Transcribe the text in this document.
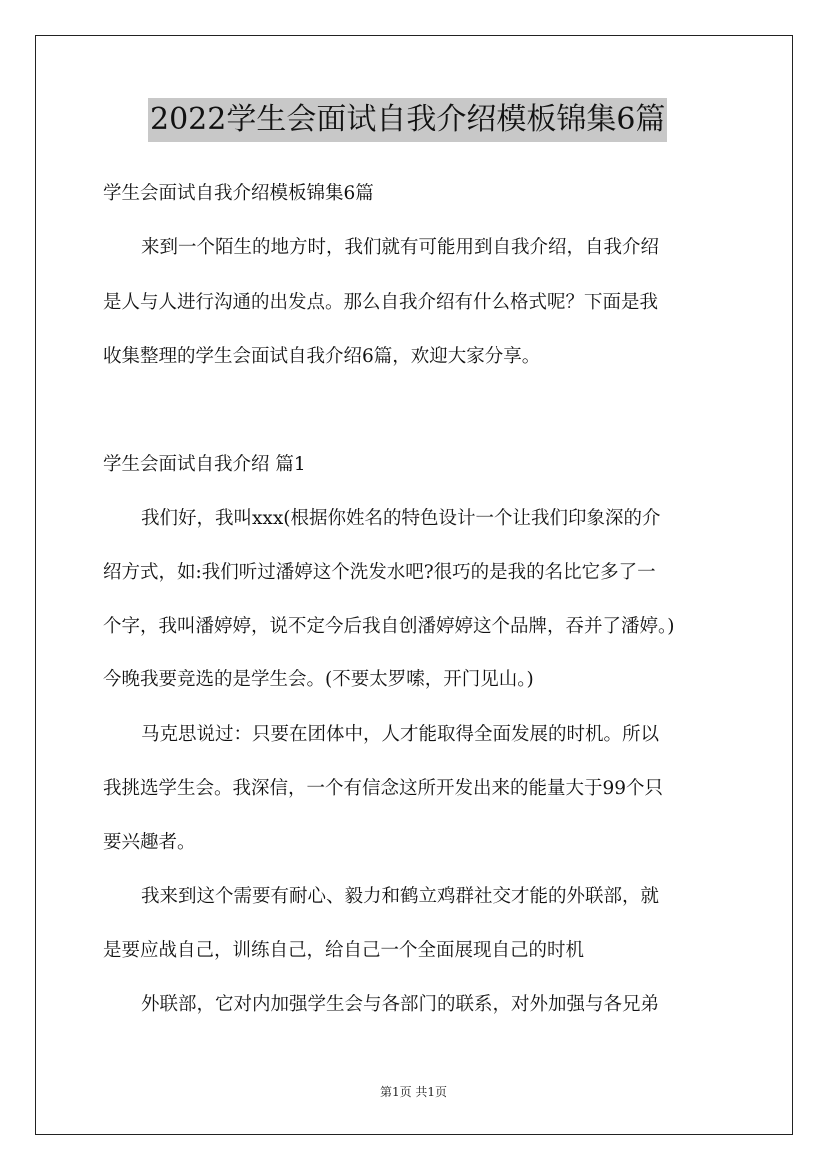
2022学生会面试自我介绍模板锦集6篇
学生会面试自我介绍模板锦集6篇
来到一个陌生的地方时，我们就有可能用到自我介绍，自我介绍
是人与人进行沟通的出发点。那么自我介绍有什么格式呢？下面是我
收集整理的学生会面试自我介绍6篇，欢迎大家分享。
学生会面试自我介绍 篇1
我们好，我叫xxx(根据你姓名的特色设计一个让我们印象深的介
绍方式，如:我们听过潘婷这个洗发水吧?很巧的是我的名比它多了一
个字，我叫潘婷婷，说不定今后我自创潘婷婷这个品牌，吞并了潘婷。)
今晚我要竞选的是学生会。(不要太罗嗦，开门见山。)
马克思说过：只要在团体中，人才能取得全面发展的时机。所以
我挑选学生会。我深信，一个有信念这所开发出来的能量大于99个只
要兴趣者。
我来到这个需要有耐心、毅力和鹤立鸡群社交才能的外联部，就
是要应战自己，训练自己，给自己一个全面展现自己的时机
外联部，它对内加强学生会与各部门的联系，对外加强与各兄弟
第1页 共1页
